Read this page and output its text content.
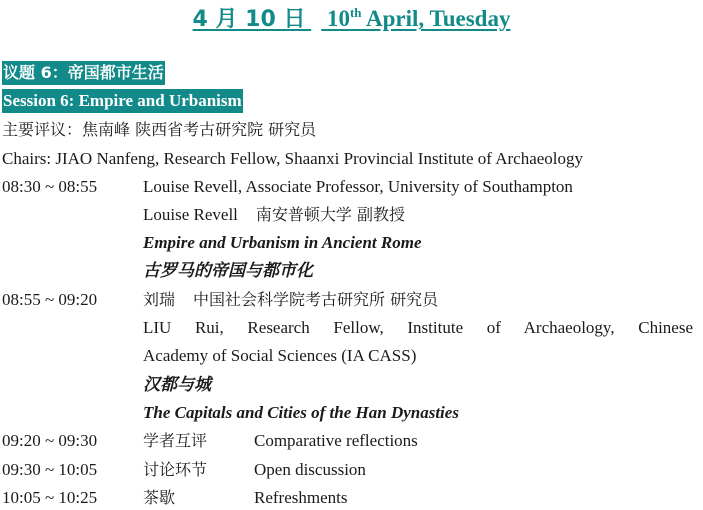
4 月 10 日 10th April, Tuesday
议题 6：帝国都市生活
Session 6: Empire and Urbanism
主要评议：焦南峰 陕西省考古研究院 研究员
Chairs: JIAO Nanfeng, Research Fellow, Shaanxi Provincial Institute of Archaeology
08:30 ~ 08:55	Louise Revell, Associate Professor, University of Southampton
Louise Revell 南安普顿大学 副教授
Empire and Urbanism in Ancient Rome
古罗马的帝国与都市化
08:55 ~ 09:20	刘瑞 中国社会科学院考古研究所 研究员
LIU Rui, Research Fellow, Institute of Archaeology, Chinese
Academy of Social Sciences (IA CASS)
汉都与城
The Capitals and Cities of the Han Dynasties
09:20 ~ 09:30	学者互评	Comparative reflections
09:30 ~ 10:05	讨论环节	Open discussion
10:05 ~ 10:25	茶歇	Refreshments
